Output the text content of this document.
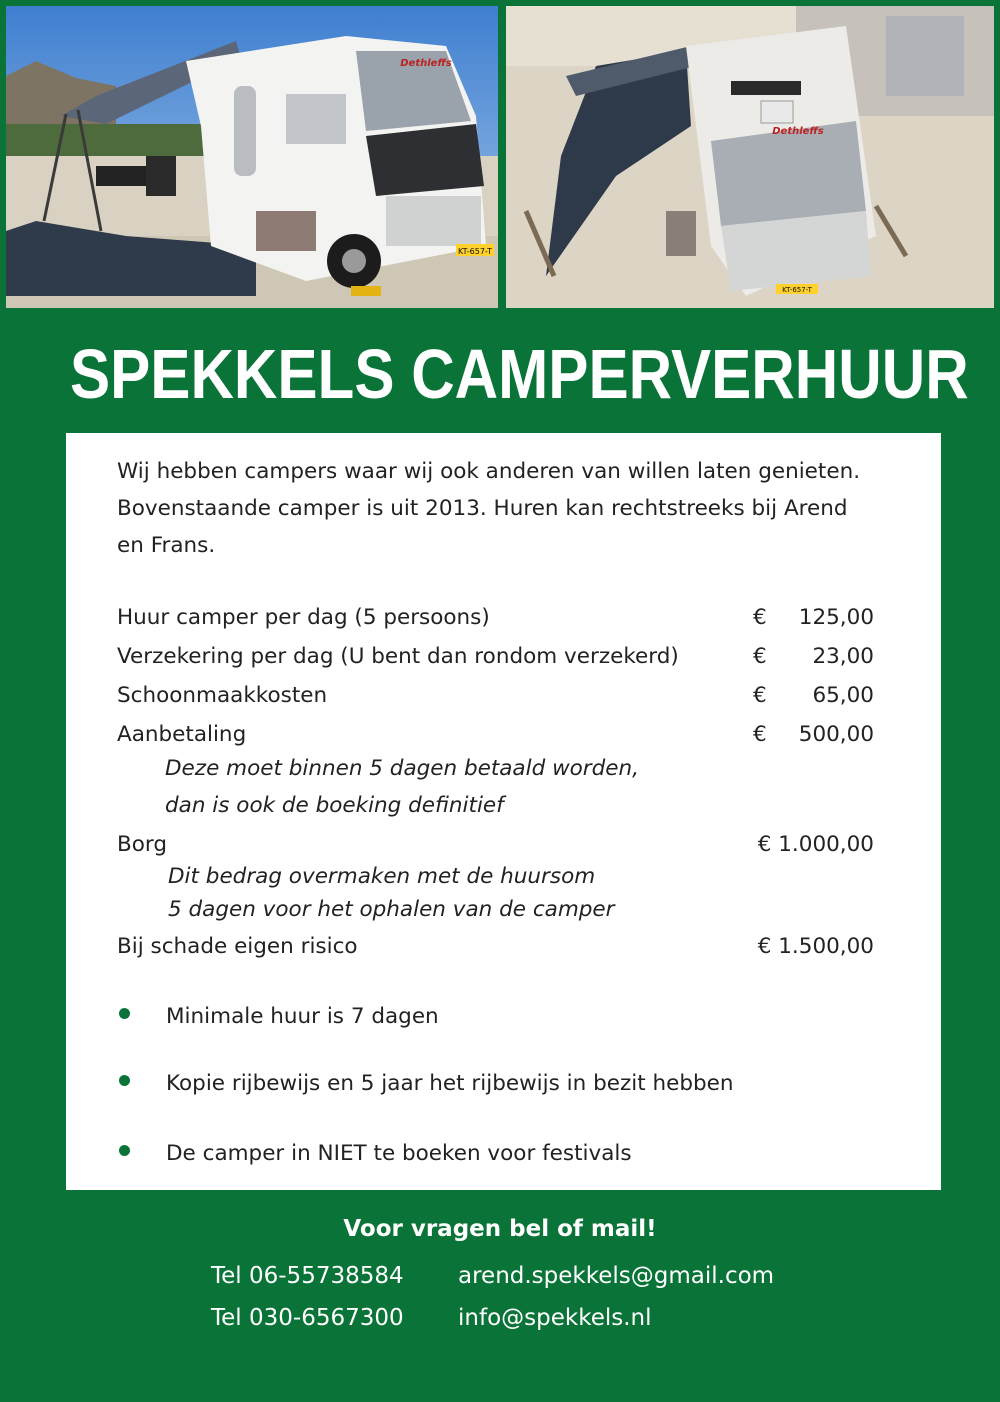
KT-657-T
Dethleffs
KT-657-T
Dethleffs
SPEKKELS CAMPERVERHUUR
Wij hebben campers waar wij ook anderen van willen laten genieten.
Bovenstaande camper is uit 2013. Huren kan rechtstreeks bij Arend
en Frans.
Huur camper per dag (5 persoons)	€ 125,00
Verzekering per dag (U bent dan rondom verzekerd)	€ 23,00
Schoonmaakkosten	€ 65,00
Aanbetaling	€ 500,00
Deze moet binnen 5 dagen betaald worden,
dan is ook de boeking definitief
Borg	€ 1.000,00
Dit bedrag overmaken met de huursom
5 dagen voor het ophalen van de camper
Bij schade eigen risico	€ 1.500,00
Minimale huur is 7 dagen
Kopie rijbewijs en 5 jaar het rijbewijs in bezit hebben
De camper in NIET te boeken voor festivals
Voor vragen bel of mail!
Tel 06-55738584 arend.spekkels@gmail.com
Tel 030-6567300 info@spekkels.nl
